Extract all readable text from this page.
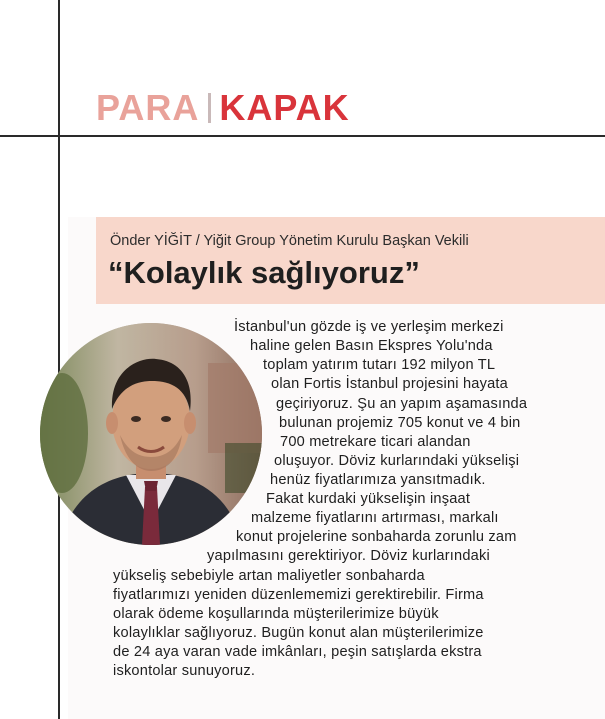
PARA KAPAK
Önder YİĞİT / Yiğit Group Yönetim Kurulu Başkan Vekili
“Kolaylık sağlıyoruz”
İstanbul'un gözde iş ve yerleşim merkezi
haline gelen Basın Ekspres Yolu'nda
toplam yatırım tutarı 192 milyon TL
olan Fortis İstanbul projesini hayata
geçiriyoruz. Şu an yapım aşamasında
bulunan projemiz 705 konut ve 4 bin
700 metrekare ticari alandan
oluşuyor. Döviz kurlarındaki yükselişi
henüz fiyatlarımıza yansıtmadık.
Fakat kurdaki yükselişin inşaat
malzeme fiyatlarını artırması, markalı
konut projelerine sonbaharda zorunlu zam
yapılmasını gerektiriyor. Döviz kurlarındaki
yükseliş sebebiyle artan maliyetler sonbaharda
fiyatlarımızı yeniden düzenlememizi gerektirebilir. Firma
olarak ödeme koşullarında müşterilerimize büyük
kolaylıklar sağlıyoruz. Bugün konut alan müşterilerimize
de 24 aya varan vade imkânları, peşin satışlarda ekstra
iskontolar sunuyoruz.
